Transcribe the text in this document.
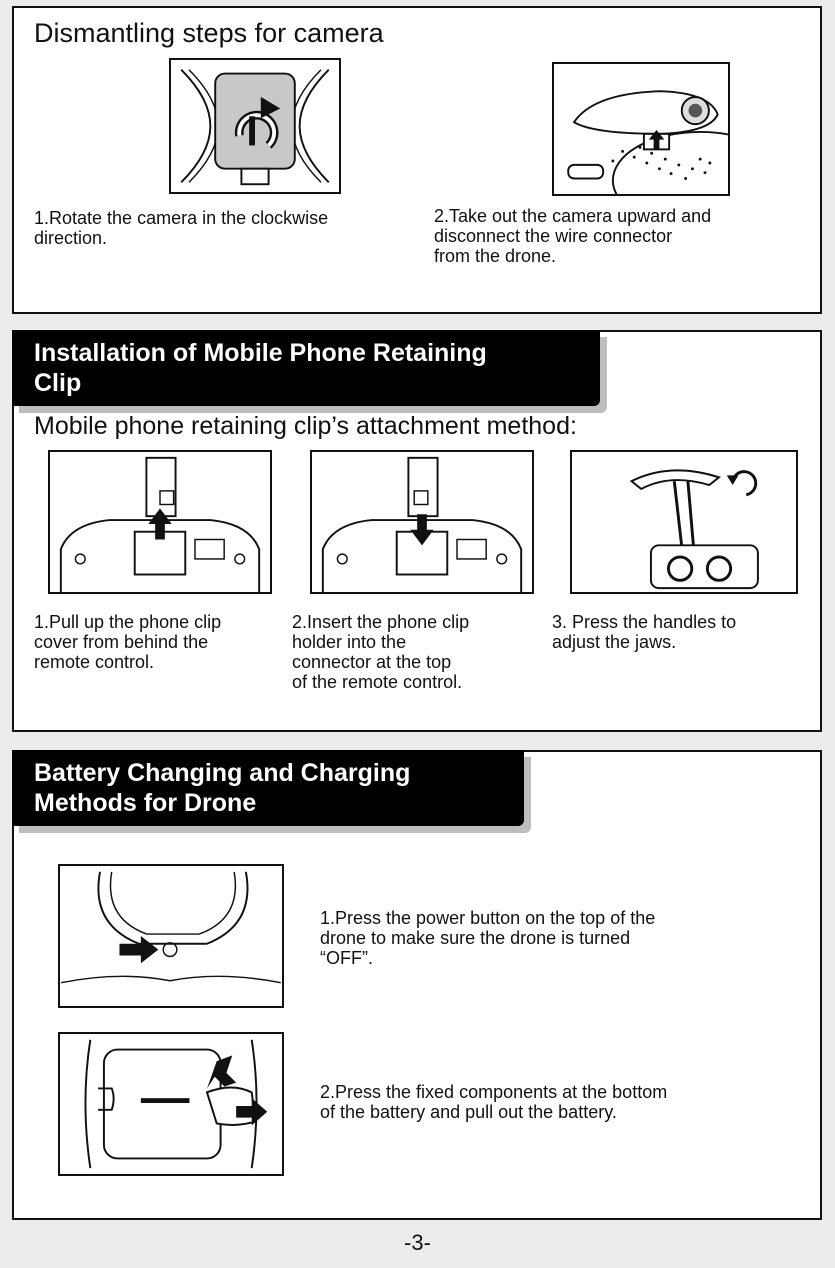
Dismantling steps for camera
1.Rotate the camera in the clockwise
direction.
2.Take out the camera upward and
disconnect the wire connector
from the drone.
Installation of Mobile Phone Retaining
Clip
Mobile phone retaining clip’s attachment method:
1.Pull up the phone clip
cover from behind the
remote control.
2.Insert the phone clip
holder into the
connector at the top
of the remote control.
3. Press the handles to
adjust the jaws.
Battery Changing and Charging
Methods for Drone
1.Press the power button on the top of the
drone to make sure the drone is turned
“OFF”.
2.Press the fixed components at the bottom
of the battery and pull out the battery.
-3-
